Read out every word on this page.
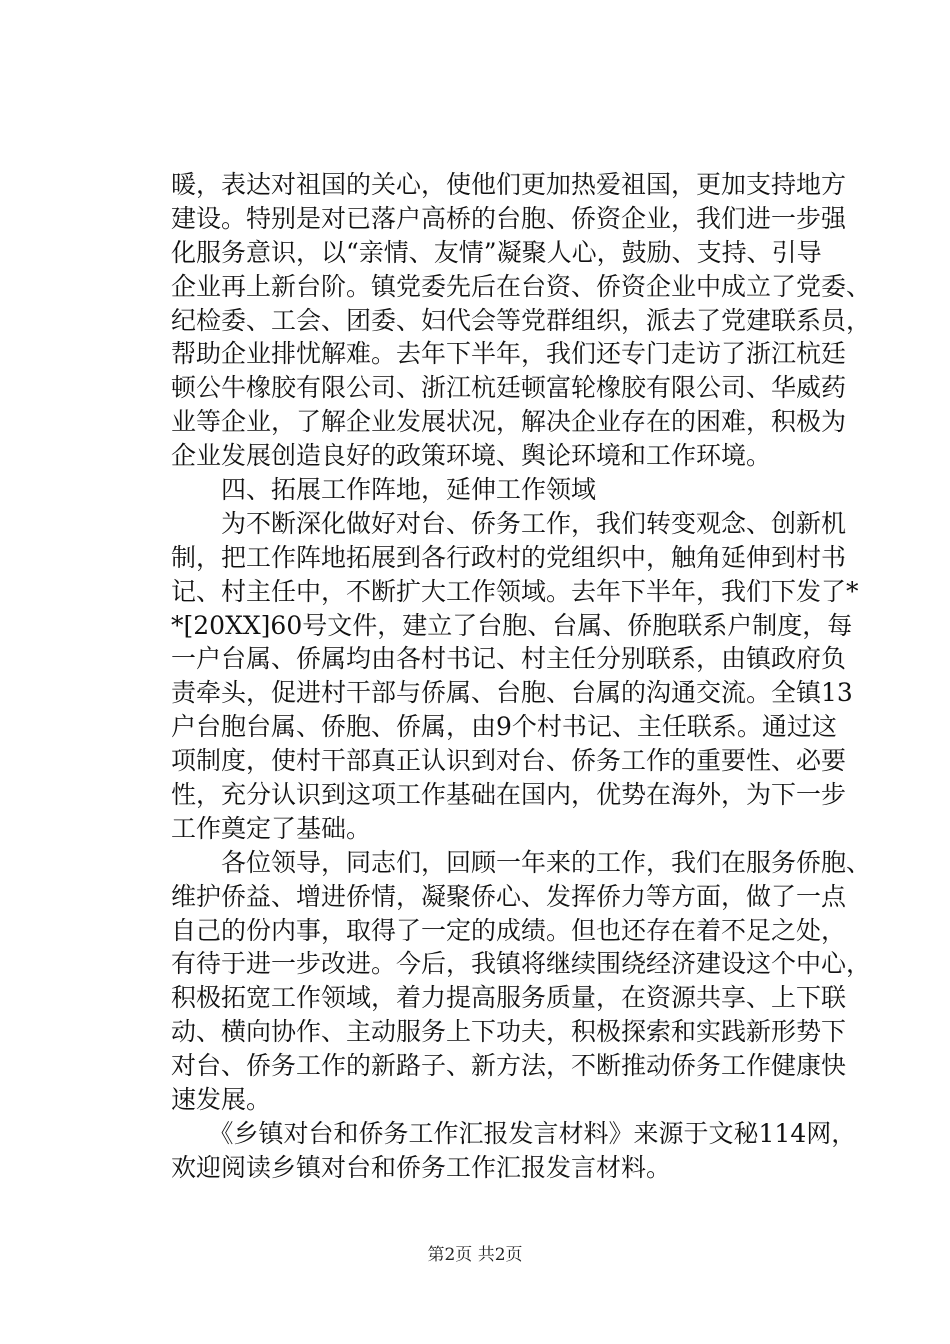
暖，表达对祖国的关心，使他们更加热爱祖国，更加支持地方
建设。特别是对已落户高桥的台胞、侨资企业，我们进一步强
化服务意识，以“亲情、友情”凝聚人心，鼓励、支持、引导
企业再上新台阶。镇党委先后在台资、侨资企业中成立了党委、
纪检委、工会、团委、妇代会等党群组织，派去了党建联系员，
帮助企业排忧解难。去年下半年，我们还专门走访了浙江杭廷
顿公牛橡胶有限公司、浙江杭廷顿富轮橡胶有限公司、华威药
业等企业，了解企业发展状况，解决企业存在的困难，积极为
企业发展创造良好的政策环境、舆论环境和工作环境。
　　四、拓展工作阵地，延伸工作领域
　　为不断深化做好对台、侨务工作，我们转变观念、创新机
制，把工作阵地拓展到各行政村的党组织中，触角延伸到村书
记、村主任中，不断扩大工作领域。去年下半年，我们下发了*
*[20XX]60号文件，建立了台胞、台属、侨胞联系户制度，每
一户台属、侨属均由各村书记、村主任分别联系，由镇政府负
责牵头，促进村干部与侨属、台胞、台属的沟通交流。全镇13
户台胞台属、侨胞、侨属，由9个村书记、主任联系。通过这
项制度，使村干部真正认识到对台、侨务工作的重要性、必要
性，充分认识到这项工作基础在国内，优势在海外，为下一步
工作奠定了基础。
　　各位领导，同志们，回顾一年来的工作，我们在服务侨胞、
维护侨益、增进侨情，凝聚侨心、发挥侨力等方面，做了一点
自己的份内事，取得了一定的成绩。但也还存在着不足之处，
有待于进一步改进。今后，我镇将继续围绕经济建设这个中心，
积极拓宽工作领域，着力提高服务质量，在资源共享、上下联
动、横向协作、主动服务上下功夫，积极探索和实践新形势下
对台、侨务工作的新路子、新方法，不断推动侨务工作健康快
速发展。
　　《乡镇对台和侨务工作汇报发言材料》来源于文秘114网，
欢迎阅读乡镇对台和侨务工作汇报发言材料。
第2页 共2页
